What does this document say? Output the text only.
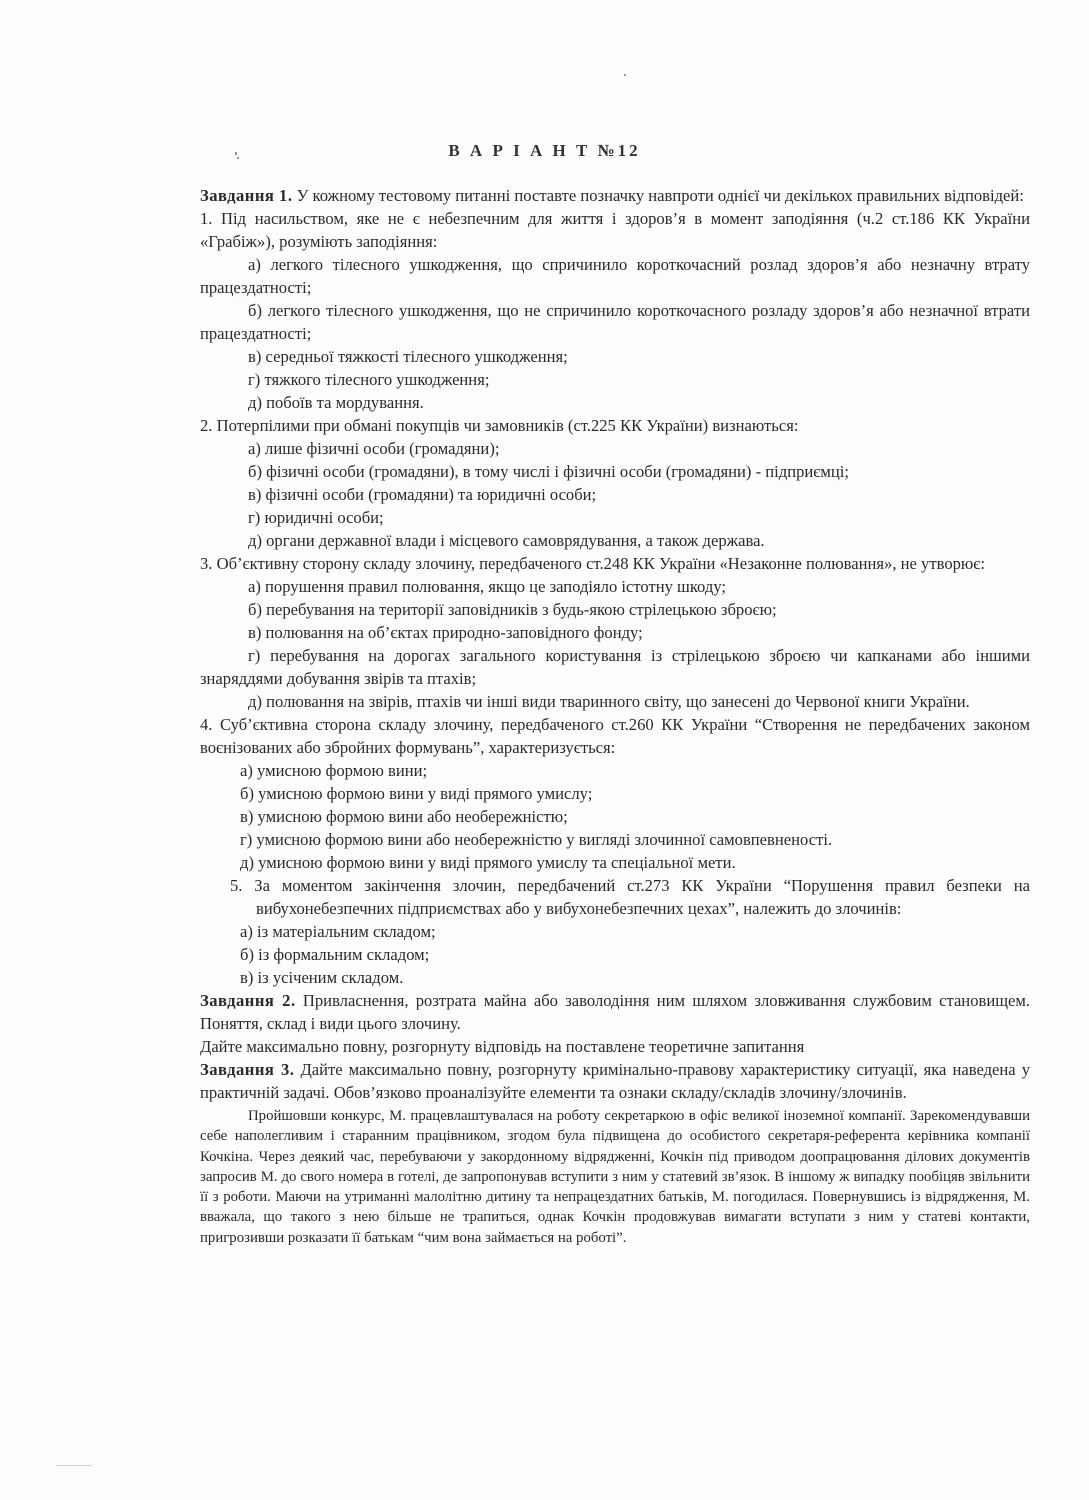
В А Р І А Н Т №12

Завдання 1. У кожному тестовому питанні поставте позначку навпроти однієї чи декількох правильних відповідей:

1. Під насильством, яке не є небезпечним для життя і здоров’я в момент заподіяння (ч.2 ст.186 КК України «Грабіж»), розуміють заподіяння:

а) легкого тілесного ушкодження, що спричинило короткочасний розлад здоров’я або незначну втрату працездатності;

б) легкого тілесного ушкодження, що не спричинило короткочасного розладу здоров’я або незначної втрати працездатності;

в) середньої тяжкості тілесного ушкодження;

г) тяжкого тілесного ушкодження;

д) побоїв та мордування.

2. Потерпілими при обмані покупців чи замовників (ст.225 КК України) визнаються:

а) лише фізичні особи (громадяни);

б) фізичні особи (громадяни), в тому числі і фізичні особи (громадяни) - підприємці;

в) фізичні особи (громадяни) та юридичні особи;

г) юридичні особи;

д) органи державної влади і місцевого самоврядування, а також держава.

3. Об’єктивну сторону складу злочину, передбаченого ст.248 КК України «Незаконне полювання», не утворює:

а) порушення правил полювання, якщо це заподіяло істотну шкоду;

б) перебування на території заповідників з будь-якою стрілецькою зброєю;

в) полювання на об’єктах природно-заповідного фонду;

г) перебування на дорогах загального користування із стрілецькою зброєю чи капканами або іншими знаряддями добування звірів та птахів;

д) полювання на звірів, птахів чи інші види тваринного світу, що занесені до Червоної книги України.

4. Суб’єктивна сторона складу злочину, передбаченого ст.260 КК України “Створення не передбачених законом воєнізованих або збройних формувань”, характеризується:

а) умисною формою вини;

б) умисною формою вини у виді прямого умислу;

в) умисною формою вини або необережністю;

г) умисною формою вини або необережністю у вигляді злочинної самовпевненості.

д) умисною формою вини у виді прямого умислу та спеціальної мети.

5. За моментом закінчення злочин, передбачений ст.273 КК України “Порушення правил безпеки на вибухонебезпечних підприємствах або у вибухонебезпечних цехах”, належить до злочинів:

а) із матеріальним складом;

б) із формальним складом;

в) із усіченим складом.

Завдання 2. Привласнення, розтрата майна або заволодіння ним шляхом зловживання службовим становищем. Поняття, склад і види цього злочину.

Дайте максимально повну, розгорнуту відповідь на поставлене теоретичне запитання

Завдання 3. Дайте максимально повну, розгорнуту кримінально-правову характеристику ситуації, яка наведена у практичній задачі. Обов’язково проаналізуйте елементи та ознаки складу/складів злочину/злочинів.

Пройшовши конкурс, М. працевлаштувалася на роботу секретаркою в офіс великої іноземної компанії. Зарекомендувавши себе наполегливим і старанним працівником, згодом була підвищена до особистого секретаря-референта керівника компанії Кочкіна. Через деякий час, перебуваючи у закордонному відрядженні, Кочкін під приводом доопрацювання ділових документів запросив М. до свого номера в готелі, де запропонував вступити з ним у статевий зв’язок. В іншому ж випадку пообіцяв звільнити її з роботи. Маючи на утриманні малолітню дитину та непрацездатних батьків, М. погодилася. Повернувшись із відрядження, М. вважала, що такого з нею більше не трапиться, однак Кочкін продовжував вимагати вступати з ним у статеві контакти, пригрозивши розказати її батькам “чим вона займається на роботі”.
